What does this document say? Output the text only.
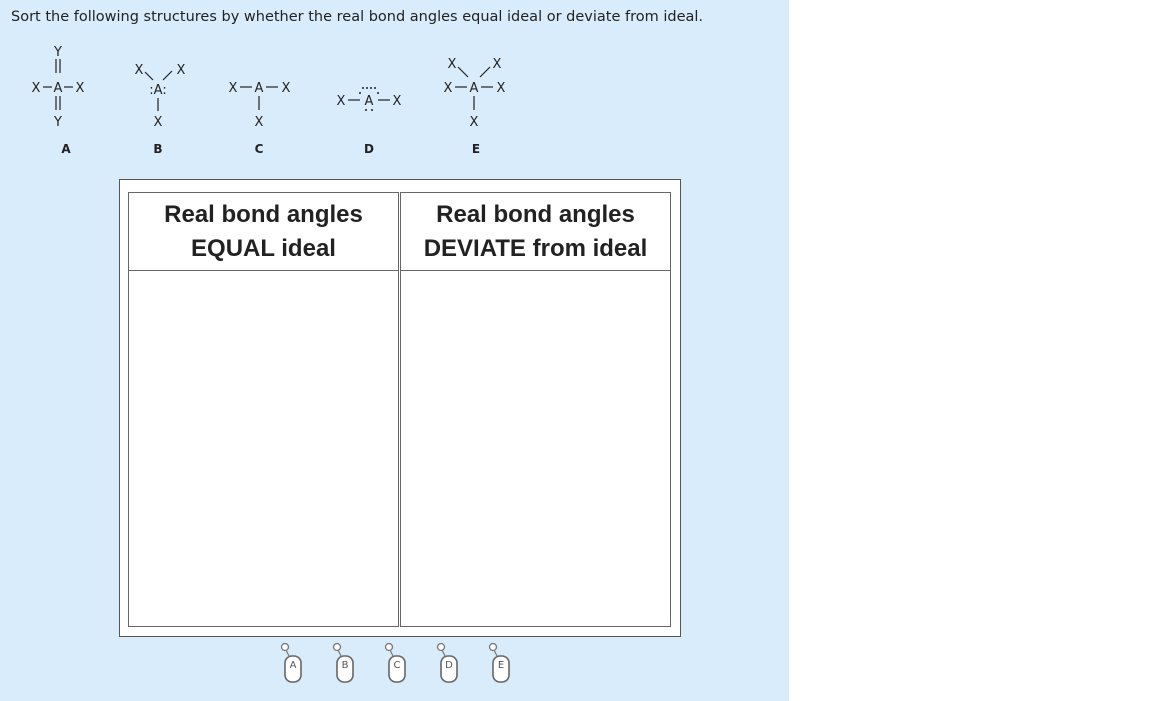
Sort the following structures by whether the real bond angles equal ideal or deviate from ideal.
Y
X A X
Y
A
X	X
:A:
X
B
X A X
X
C
X A X
D
X	X
X A X
X
E
Real bond angles
EQUAL ideal
Real bond angles
DEVIATE from ideal
A	B	C	D	E
